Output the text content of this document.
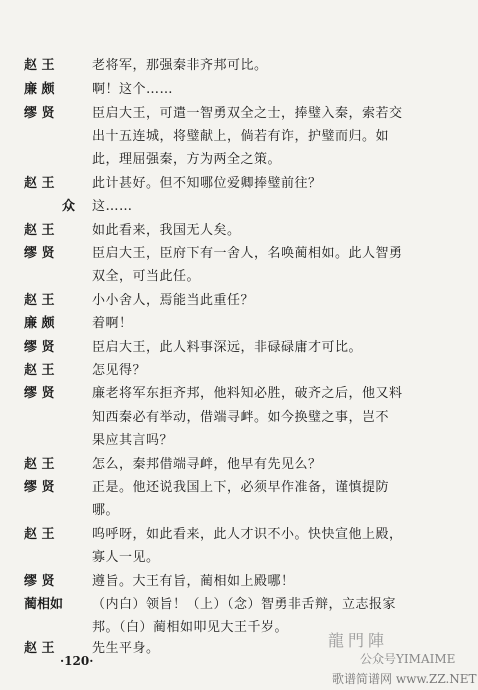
赵 王	老将军，那强秦非齐邦可比。
廉 颇	啊！这个……
缪 贤	臣启大王，可遣一智勇双全之士，捧璧入秦，索若交
出十五连城，将璧献上，倘若有诈，护璧而归。如
此，理屈强秦，方为两全之策。
赵 王	此计甚好。但不知哪位爱卿捧璧前往？
众	这……
赵 王	如此看来，我国无人矣。
缪 贤	臣启大王，臣府下有一舍人，名唤蔺相如。此人智勇
双全，可当此任。
赵 王	小小舍人，焉能当此重任？
廉 颇	着啊！
缪 贤	臣启大王，此人料事深远，非碌碌庸才可比。
赵 王	怎见得？
缪 贤	廉老将军东拒齐邦，他料知必胜，破齐之后，他又料
知西秦必有举动，借端寻衅。如今换璧之事，岂不
果应其言吗？
赵 王	怎么，秦邦借端寻衅，他早有先见么？
缪 贤	正是。他还说我国上下，必须早作准备，谨慎提防
哪。
赵 王	呜呼呀，如此看来，此人才识不小。快快宣他上殿，
寡人一见。
缪 贤	遵旨。大王有旨，蔺相如上殿哪！
蔺相如	（内白）领旨！（上）（念）智勇非舌辩，立志报家
邦。（白）蔺相如叩见大王千岁。
赵 王	先生平身。
·120·
龍門陣
公众号YIMAIME
歌谱简谱网 www.ZZ.NET
